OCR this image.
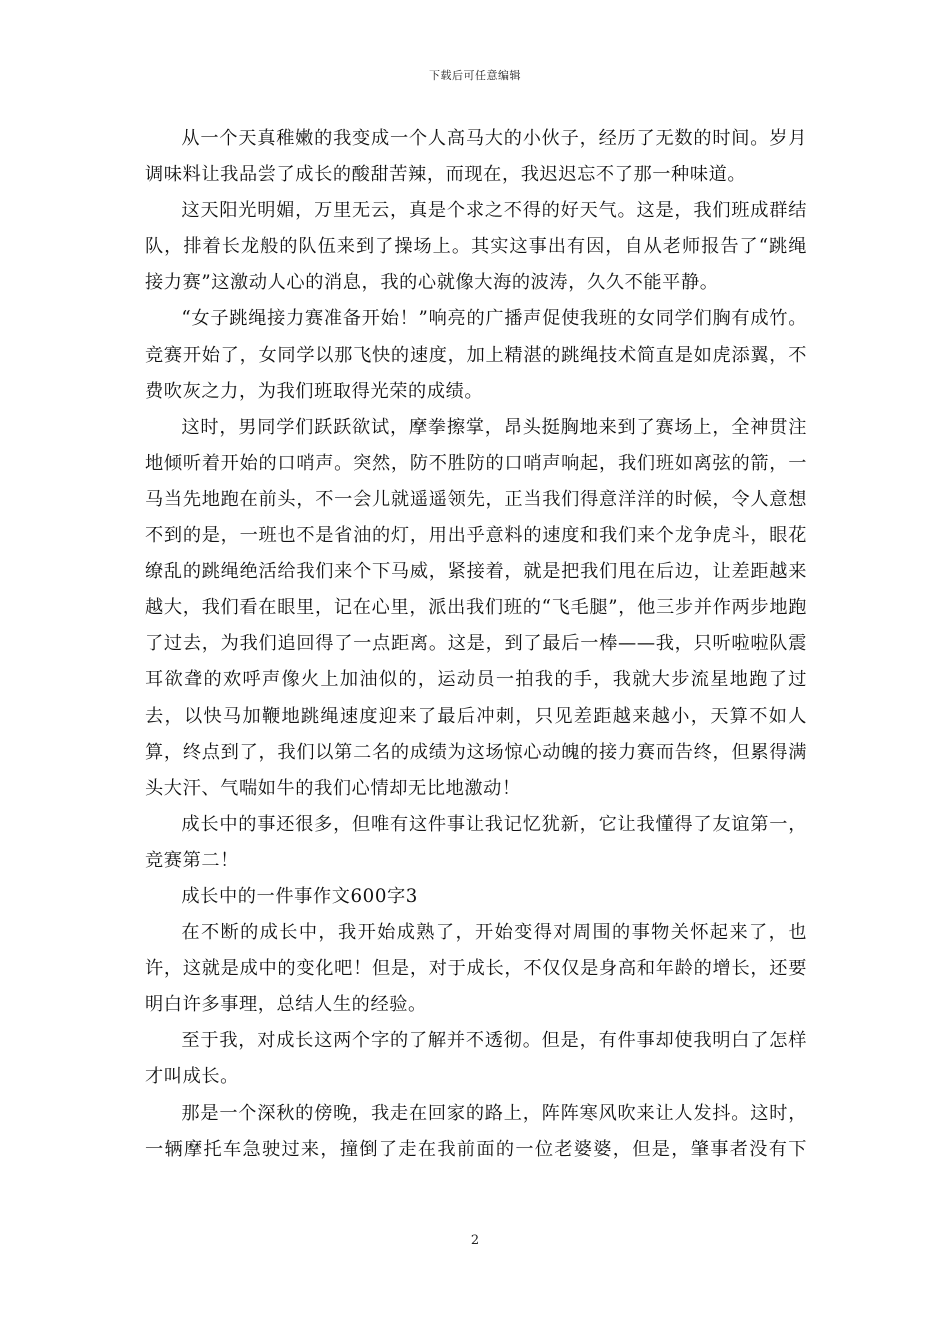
下载后可任意编辑

从一个天真稚嫩的我变成一个人高马大的小伙子，经历了无数的时间。岁月调味料让我品尝了成长的酸甜苦辣，而现在，我迟迟忘不了那一种味道。

这天阳光明媚，万里无云，真是个求之不得的好天气。这是，我们班成群结队，排着长龙般的队伍来到了操场上。其实这事出有因，自从老师报告了“跳绳接力赛”这激动人心的消息，我的心就像大海的波涛，久久不能平静。

“女子跳绳接力赛准备开始！”响亮的广播声促使我班的女同学们胸有成竹。竞赛开始了，女同学以那飞快的速度，加上精湛的跳绳技术简直是如虎添翼，不费吹灰之力，为我们班取得光荣的成绩。

这时，男同学们跃跃欲试，摩拳擦掌，昂头挺胸地来到了赛场上，全神贯注地倾听着开始的口哨声。突然，防不胜防的口哨声响起，我们班如离弦的箭，一马当先地跑在前头，不一会儿就遥遥领先，正当我们得意洋洋的时候，令人意想不到的是，一班也不是省油的灯，用出乎意料的速度和我们来个龙争虎斗，眼花缭乱的跳绳绝活给我们来个下马威，紧接着，就是把我们甩在后边，让差距越来越大，我们看在眼里，记在心里，派出我们班的“飞毛腿”，他三步并作两步地跑了过去，为我们追回得了一点距离。这是，到了最后一棒——我，只听啦啦队震耳欲聋的欢呼声像火上加油似的，运动员一拍我的手，我就大步流星地跑了过去，以快马加鞭地跳绳速度迎来了最后冲刺，只见差距越来越小，天算不如人算，终点到了，我们以第二名的成绩为这场惊心动魄的接力赛而告终，但累得满头大汗、气喘如牛的我们心情却无比地激动！

成长中的事还很多，但唯有这件事让我记忆犹新，它让我懂得了友谊第一，竞赛第二！

成长中的一件事作文600字3

在不断的成长中，我开始成熟了，开始变得对周围的事物关怀起来了，也许，这就是成中的变化吧！但是，对于成长，不仅仅是身高和年龄的增长，还要明白许多事理，总结人生的经验。

至于我，对成长这两个字的了解并不透彻。但是，有件事却使我明白了怎样才叫成长。

那是一个深秋的傍晚，我走在回家的路上，阵阵寒风吹来让人发抖。这时，一辆摩托车急驶过来，撞倒了走在我前面的一位老婆婆，但是，肇事者没有下

2
